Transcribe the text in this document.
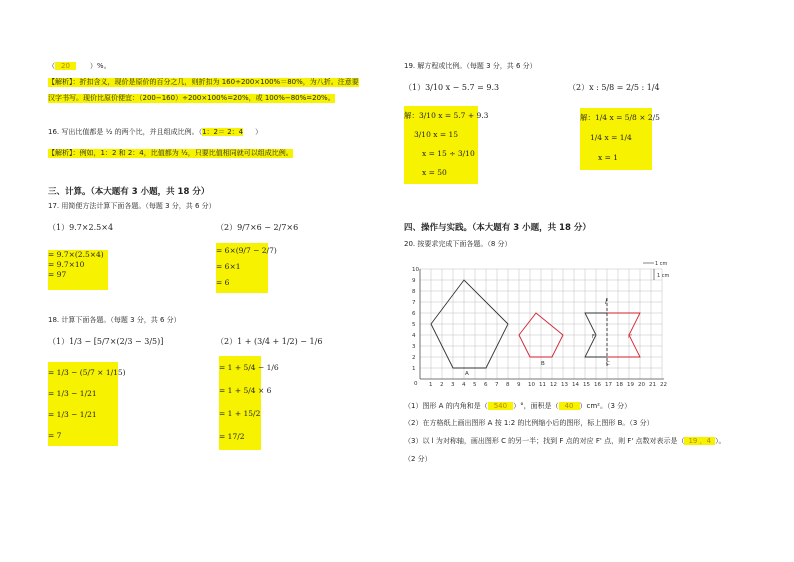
（ 20	）%。
【解析】：折扣含义，现价是原价的百分之几，则折扣为 160÷200×100%＝80%，为八折。注意要
汉字书写。现价比原价便宜：（200−160）÷200×100%=20%，或 100%−80%=20%。
16. 写出比值都是 ½ 的两个比，并且组成比例。（1：2＝ 2：4 ）
【解析】：例如，1：2 和 2：4，比值都为 ½，只要比值相同就可以组成比例。
三、计算。（本大题有 3 小题，共 18 分）
17. 用简便方法计算下面各题。（每题 3 分，共 6 分）
（1）9.7×2.5×4
= 9.7×(2.5×4)
= 9.7×10
= 97
（2）9/7×6 − 2/7×6
= 6×(9/7 − 2/7)
= 6×1
= 6
18. 计算下面各题。（每题 3 分，共 6 分）
（1）1/3 − [5/7×(2/3 − 3/5)]
= 1/3 − (5/7 × 1/15)
= 1/3 − 1/21
= 1/3 − 1/21
= 7
（2）1 + (3/4 + 1/2) − 1/6
= 1 + 5/4 − 1/6
= 1 + 5/4 × 6
= 1 + 15/2
= 17/2
19. 解方程或比例。（每题 3 分，共 6 分）
（1）3/10 x − 5.7 = 9.3
解：3/10 x = 5.7 + 9.3
3/10 x = 15
x = 15 ÷ 3/10
x = 50
（2）x : 5/8 = 2/5 : 1/4
解：1/4 x = 5/8 × 2/5
1/4 x = 1/4
x = 1
四、操作与实践。（本大题有 3 小题，共 18 分）
20. 按要求完成下面各题。（8 分）
1 2 3 4 5 6 7 8 9 10 11 12 13 14 15 16 17 18 19 20 21 22
1
2
3
4
5
6
7
8
9
10
0
1 cm
1 cm
A
B
l
C
F	F'
（1）图形 A 的内角和是（ 540 ）°，面积是（ 40 ）cm²。（3 分）
（2）在方格纸上画出图形 A 按 1:2 的比例缩小后的图形，标上图形 B。（3 分）
（3）以 l 为对称轴，画出图形 C 的另一半；找到 F 点的对应 F' 点，则 F' 点数对表示是（ 19 ，4 ）。
（2 分）
